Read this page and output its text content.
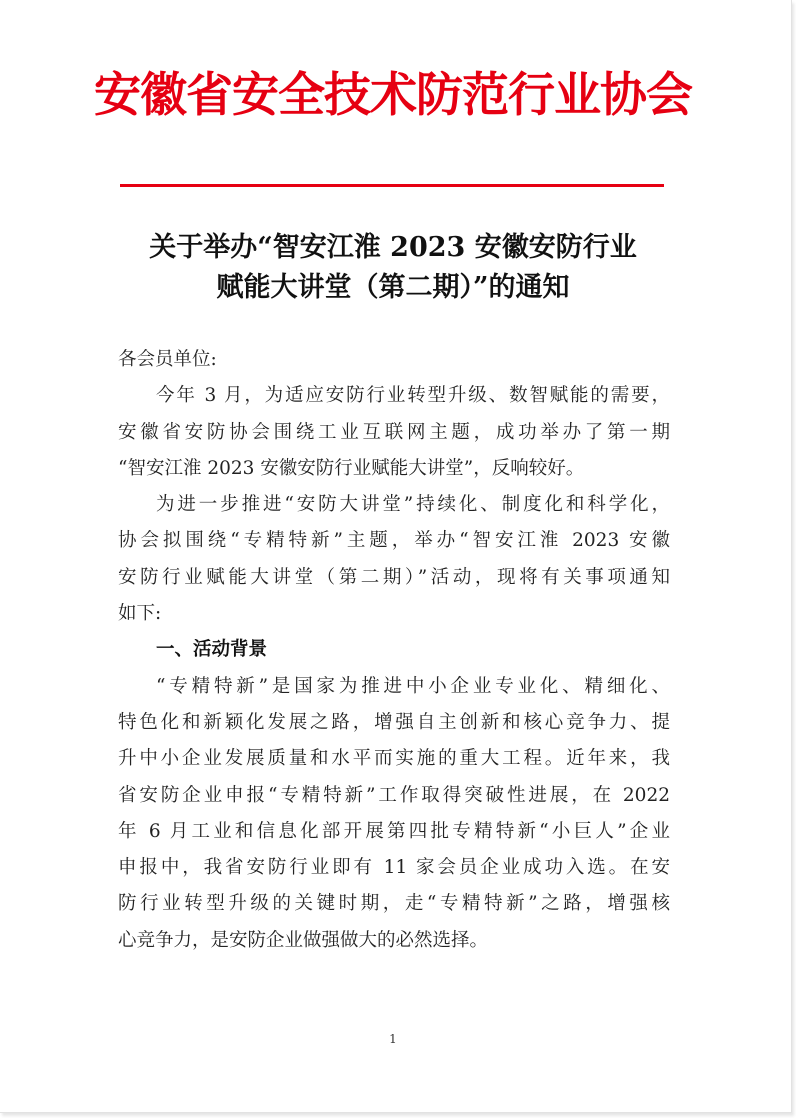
安徽省安全技术防范行业协会
关于举办“智安江淮 2023 安徽安防行业
赋能大讲堂（第二期）”的通知
各会员单位:
今年 3 月，为适应安防行业转型升级、数智赋能的需要，
安徽省安防协会围绕工业互联网主题，成功举办了第一期
“智安江淮 2023 安徽安防行业赋能大讲堂”，反响较好。
为进一步推进“安防大讲堂”持续化、制度化和科学化，
协会拟围绕“专精特新”主题，举办“智安江淮 2023 安徽
安防行业赋能大讲堂（第二期）”活动，现将有关事项通知
如下:
一、活动背景
“专精特新”是国家为推进中小企业专业化、精细化、
特色化和新颖化发展之路，增强自主创新和核心竞争力、提
升中小企业发展质量和水平而实施的重大工程。近年来，我
省安防企业申报“专精特新”工作取得突破性进展，在 2022
年 6 月工业和信息化部开展第四批专精特新“小巨人”企业
申报中，我省安防行业即有 11 家会员企业成功入选。在安
防行业转型升级的关键时期，走“专精特新”之路，增强核
心竞争力，是安防企业做强做大的必然选择。
1
